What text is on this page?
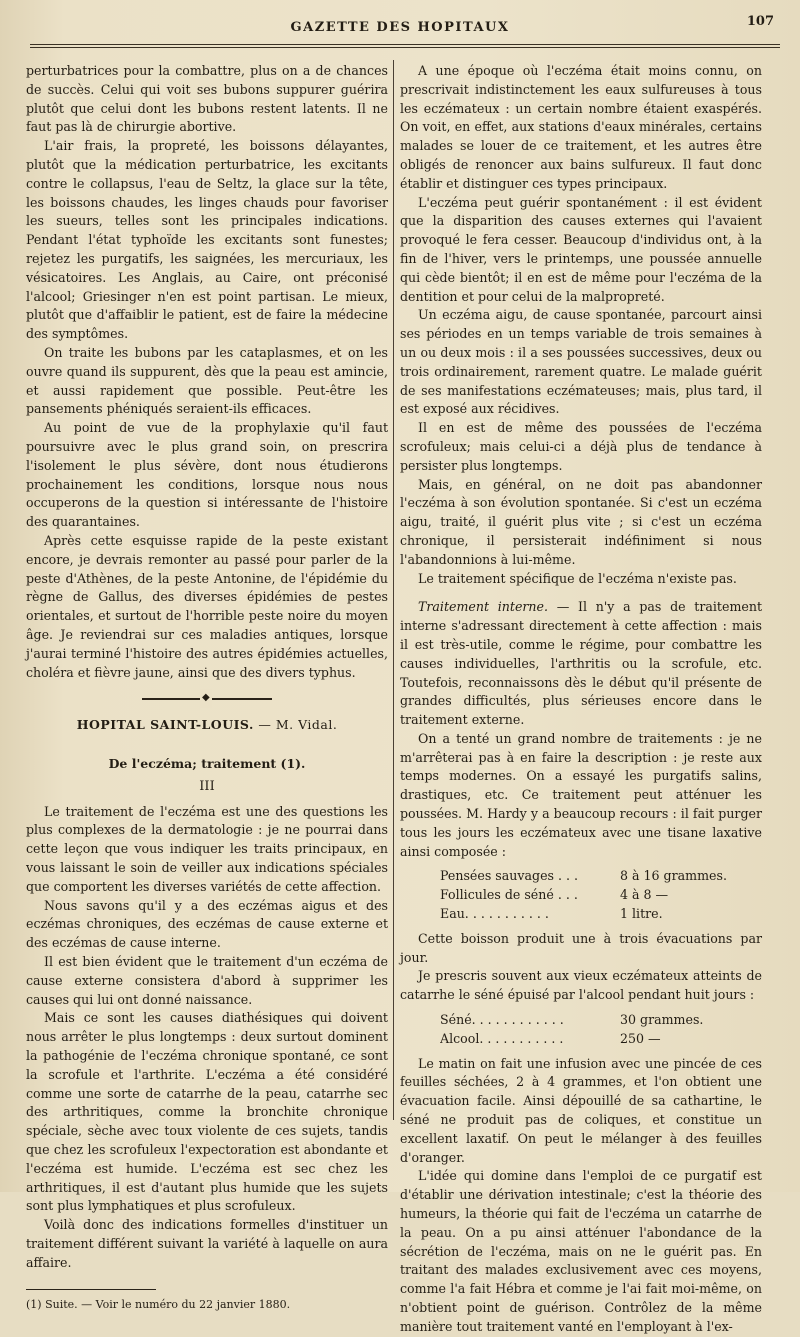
GAZETTE DES HOPITAUX	107

perturbatrices pour la combattre, plus on a de chances de succès. Celui qui voit ses bubons suppurer guérira plutôt que celui dont les bubons restent latents. Il ne faut pas là de chirurgie abortive.

L'air frais, la propreté, les boissons délayantes, plutôt que la médication perturbatrice, les excitants contre le collapsus, l'eau de Seltz, la glace sur la tête, les boissons chaudes, les linges chauds pour favoriser les sueurs, telles sont les principales indications. Pendant l'état typhoïde les excitants sont funestes; rejetez les purgatifs, les saignées, les mercuriaux, les vésicatoires. Les Anglais, au Caire, ont préconisé l'alcool; Griesinger n'en est point partisan. Le mieux, plutôt que d'affaiblir le patient, est de faire la médecine des symptômes.

On traite les bubons par les cataplasmes, et on les ouvre quand ils suppurent, dès que la peau est amincie, et aussi rapidement que possible. Peut-être les pansements phéniqués seraient-ils efficaces.

Au point de vue de la prophylaxie qu'il faut poursuivre avec le plus grand soin, on prescrira l'isolement le plus sévère, dont nous étudierons prochainement les conditions, lorsque nous nous occuperons de la question si intéressante de l'histoire des quarantaines.

Après cette esquisse rapide de la peste existant encore, je devrais remonter au passé pour parler de la peste d'Athènes, de la peste Antonine, de l'épidémie du règne de Gallus, des diverses épidémies de pestes orientales, et surtout de l'horrible peste noire du moyen âge. Je reviendrai sur ces maladies antiques, lorsque j'aurai terminé l'histoire des autres épidémies actuelles, choléra et fièvre jaune, ainsi que des divers typhus.

◆
HOPITAL SAINT-LOUIS. — M. Vidal.
De l'eczéma; traitement (1).
III

Le traitement de l'eczéma est une des questions les plus complexes de la dermatologie : je ne pourrai dans cette leçon que vous indiquer les traits principaux, en vous laissant le soin de veiller aux indications spéciales que comportent les diverses variétés de cette affection.

Nous savons qu'il y a des eczémas aigus et des eczémas chroniques, des eczémas de cause externe et des eczémas de cause interne.

Il est bien évident que le traitement d'un eczéma de cause externe consistera d'abord à supprimer les causes qui lui ont donné naissance.

Mais ce sont les causes diathésiques qui doivent nous arrêter le plus longtemps : deux surtout dominent la pathogénie de l'eczéma chronique spontané, ce sont la scrofule et l'arthrite. L'eczéma a été considéré comme une sorte de catarrhe de la peau, catarrhe sec des arthritiques, comme la bronchite chronique spéciale, sèche avec toux violente de ces sujets, tandis que chez les scrofuleux l'expectoration est abondante et l'eczéma est humide. L'eczéma est sec chez les arthritiques, il est d'autant plus humide que les sujets sont plus lymphatiques et plus scrofuleux.

Voilà donc des indications formelles d'instituer un traitement différent suivant la variété à laquelle on aura affaire.

(1) Suite. — Voir le numéro du 22 janvier 1880.

A une époque où l'eczéma était moins connu, on prescrivait indistinctement les eaux sulfureuses à tous les eczémateux : un certain nombre étaient exaspérés. On voit, en effet, aux stations d'eaux minérales, certains malades se louer de ce traitement, et les autres être obligés de renoncer aux bains sulfureux. Il faut donc établir et distinguer ces types principaux.

L'eczéma peut guérir spontanément : il est évident que la disparition des causes externes qui l'avaient provoqué le fera cesser. Beaucoup d'individus ont, à la fin de l'hiver, vers le printemps, une poussée annuelle qui cède bientôt; il en est de même pour l'eczéma de la dentition et pour celui de la malpropreté.

Un eczéma aigu, de cause spontanée, parcourt ainsi ses périodes en un temps variable de trois semaines à un ou deux mois : il a ses poussées successives, deux ou trois ordinairement, rarement quatre. Le malade guérit de ses manifestations eczémateuses; mais, plus tard, il est exposé aux récidives.

Il en est de même des poussées de l'eczéma scrofuleux; mais celui-ci a déjà plus de tendance à persister plus longtemps.

Mais, en général, on ne doit pas abandonner l'eczéma à son évolution spontanée. Si c'est un eczéma aigu, traité, il guérit plus vite ; si c'est un eczéma chronique, il persisterait indéfiniment si nous l'abandonnions à lui-même.

Le traitement spécifique de l'eczéma n'existe pas.

Traitement interne. — Il n'y a pas de traitement interne s'adressant directement à cette affection : mais il est très-utile, comme le régime, pour combattre les causes individuelles, l'arthritis ou la scrofule, etc. Toutefois, reconnaissons dès le début qu'il présente de grandes difficultés, plus sérieuses encore dans le traitement externe.

On a tenté un grand nombre de traitements : je ne m'arrêterai pas à en faire la description : je reste aux temps modernes. On a essayé les purgatifs salins, drastiques, etc. Ce traitement peut atténuer les poussées. M. Hardy y a beaucoup recours : il fait purger tous les jours les eczémateux avec une tisane laxative ainsi composée :

Pensées sauvages . . .	8 à 16 grammes.
Follicules de séné . . .	4 à 8 —
Eau. . . . . . . . . . .	1 litre.

Cette boisson produit une à trois évacuations par jour.

Je prescris souvent aux vieux eczémateux atteints de catarrhe le séné épuisé par l'alcool pendant huit jours :

Séné. . . . . . . . . . . .	30 grammes.
Alcool. . . . . . . . . . .	250 —

Le matin on fait une infusion avec une pincée de ces feuilles séchées, 2 à 4 grammes, et l'on obtient une évacuation facile. Ainsi dépouillé de sa cathartine, le séné ne produit pas de coliques, et constitue un excellent laxatif. On peut le mélanger à des feuilles d'oranger.

L'idée qui domine dans l'emploi de ce purgatif est d'établir une dérivation intestinale; c'est la théorie des humeurs, la théorie qui fait de l'eczéma un catarrhe de la peau. On a pu ainsi atténuer l'abondance de la sécrétion de l'eczéma, mais on ne le guérit pas. En traitant des malades exclusivement avec ces moyens, comme l'a fait Hébra et comme je l'ai fait moi-même, on n'obtient point de guérison. Contrôlez de la même manière tout traitement vanté en l'employant à l'ex-
